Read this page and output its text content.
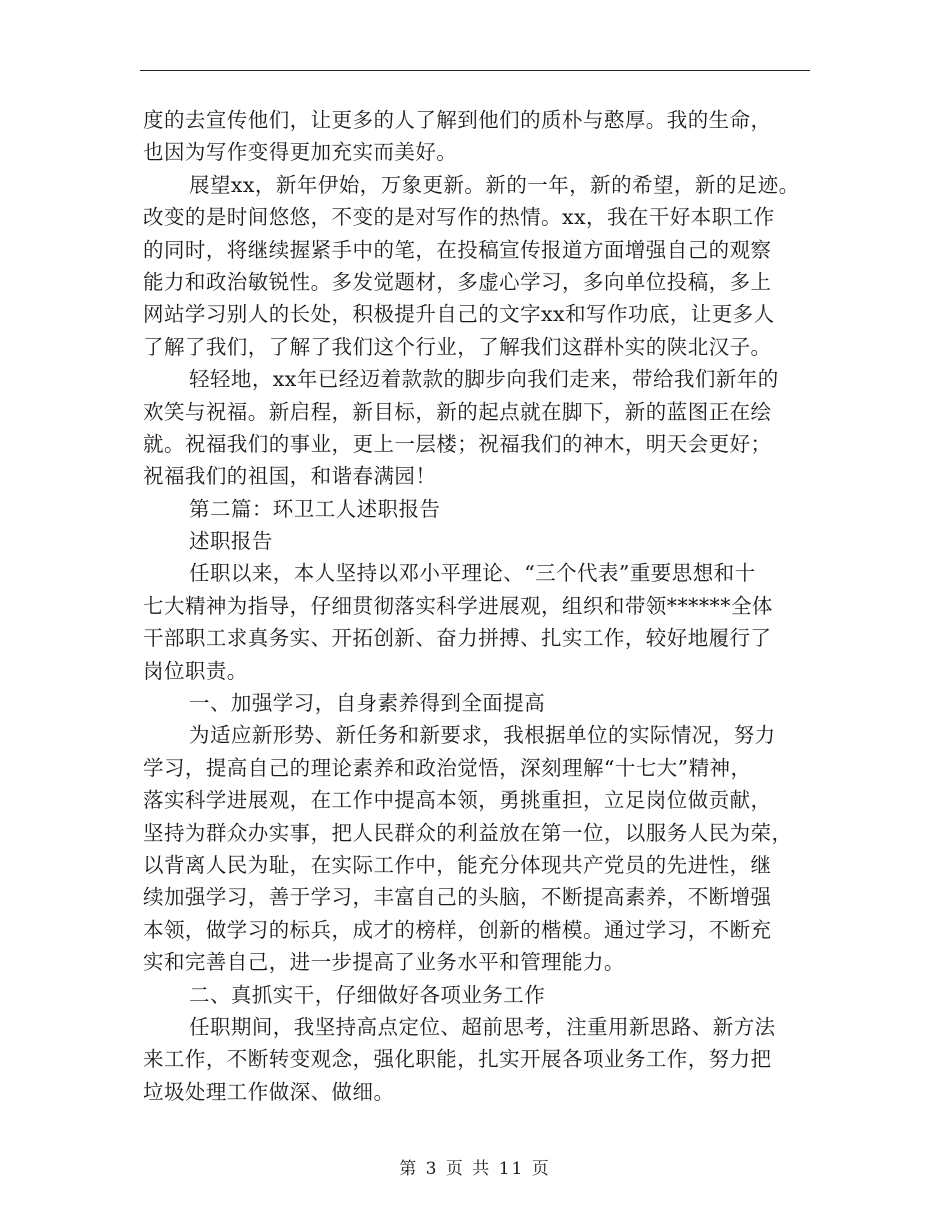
度的去宣传他们，让更多的人了解到他们的质朴与憨厚。我的生命，
也因为写作变得更加充实而美好。
展望xx，新年伊始，万象更新。新的一年，新的希望，新的足迹。
改变的是时间悠悠，不变的是对写作的热情。xx，我在干好本职工作
的同时，将继续握紧手中的笔，在投稿宣传报道方面增强自己的观察
能力和政治敏锐性。多发觉题材，多虚心学习，多向单位投稿，多上
网站学习别人的长处，积极提升自己的文字xx和写作功底，让更多人
了解了我们，了解了我们这个行业，了解我们这群朴实的陕北汉子。
轻轻地，xx年已经迈着款款的脚步向我们走来，带给我们新年的
欢笑与祝福。新启程，新目标，新的起点就在脚下，新的蓝图正在绘
就。祝福我们的事业，更上一层楼；祝福我们的神木，明天会更好；
祝福我们的祖国，和谐春满园！
第二篇：环卫工人述职报告
述职报告
任职以来，本人坚持以邓小平理论、“三个代表”重要思想和十
七大精神为指导，仔细贯彻落实科学进展观，组织和带领******全体
干部职工求真务实、开拓创新、奋力拼搏、扎实工作，较好地履行了
岗位职责。
一、加强学习，自身素养得到全面提高
为适应新形势、新任务和新要求，我根据单位的实际情况，努力
学习，提高自己的理论素养和政治觉悟，深刻理解“十七大”精神，
落实科学进展观，在工作中提高本领，勇挑重担，立足岗位做贡献，
坚持为群众办实事，把人民群众的利益放在第一位，以服务人民为荣，
以背离人民为耻，在实际工作中，能充分体现共产党员的先进性，继
续加强学习，善于学习，丰富自己的头脑，不断提高素养，不断增强
本领，做学习的标兵，成才的榜样，创新的楷模。通过学习，不断充
实和完善自己，进一步提高了业务水平和管理能力。
二、真抓实干，仔细做好各项业务工作
任职期间，我坚持高点定位、超前思考，注重用新思路、新方法
来工作，不断转变观念，强化职能，扎实开展各项业务工作，努力把
垃圾处理工作做深、做细。
第 3 页 共 11 页
